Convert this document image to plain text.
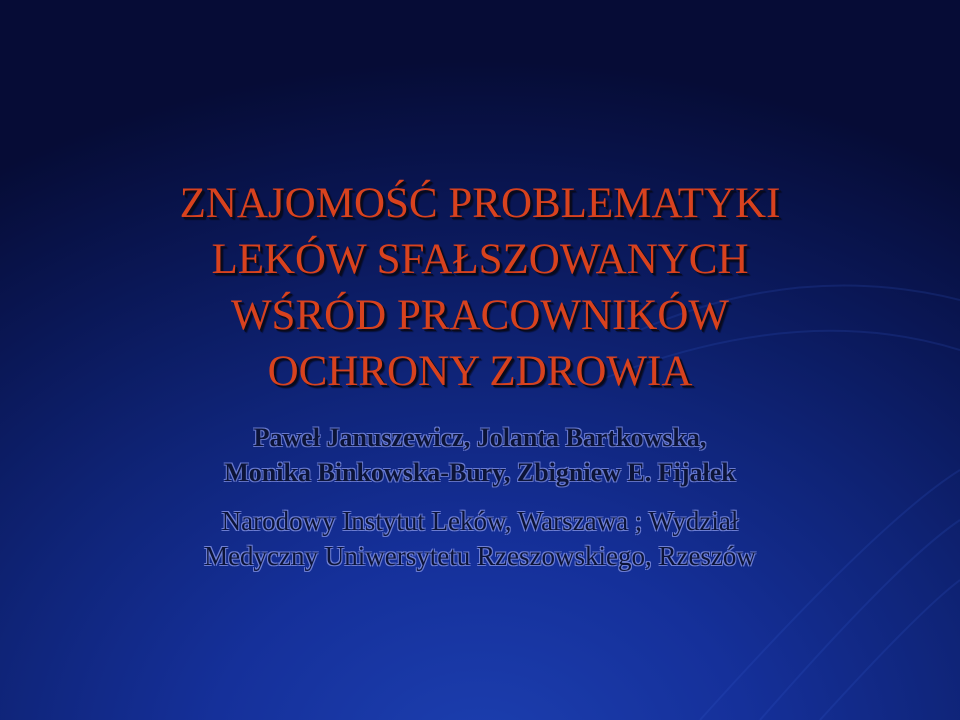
ZNAJOMOŚĆ PROBLEMATYKI
LEKÓW SFAŁSZOWANYCH
WŚRÓD PRACOWNIKÓW
OCHRONY ZDROWIA

Paweł Januszewicz, Jolanta Bartkowska,
Monika Binkowska-Bury, Zbigniew E. Fijałek

Narodowy Instytut Leków, Warszawa ; Wydział
Medyczny Uniwersytetu Rzeszowskiego, Rzeszów
